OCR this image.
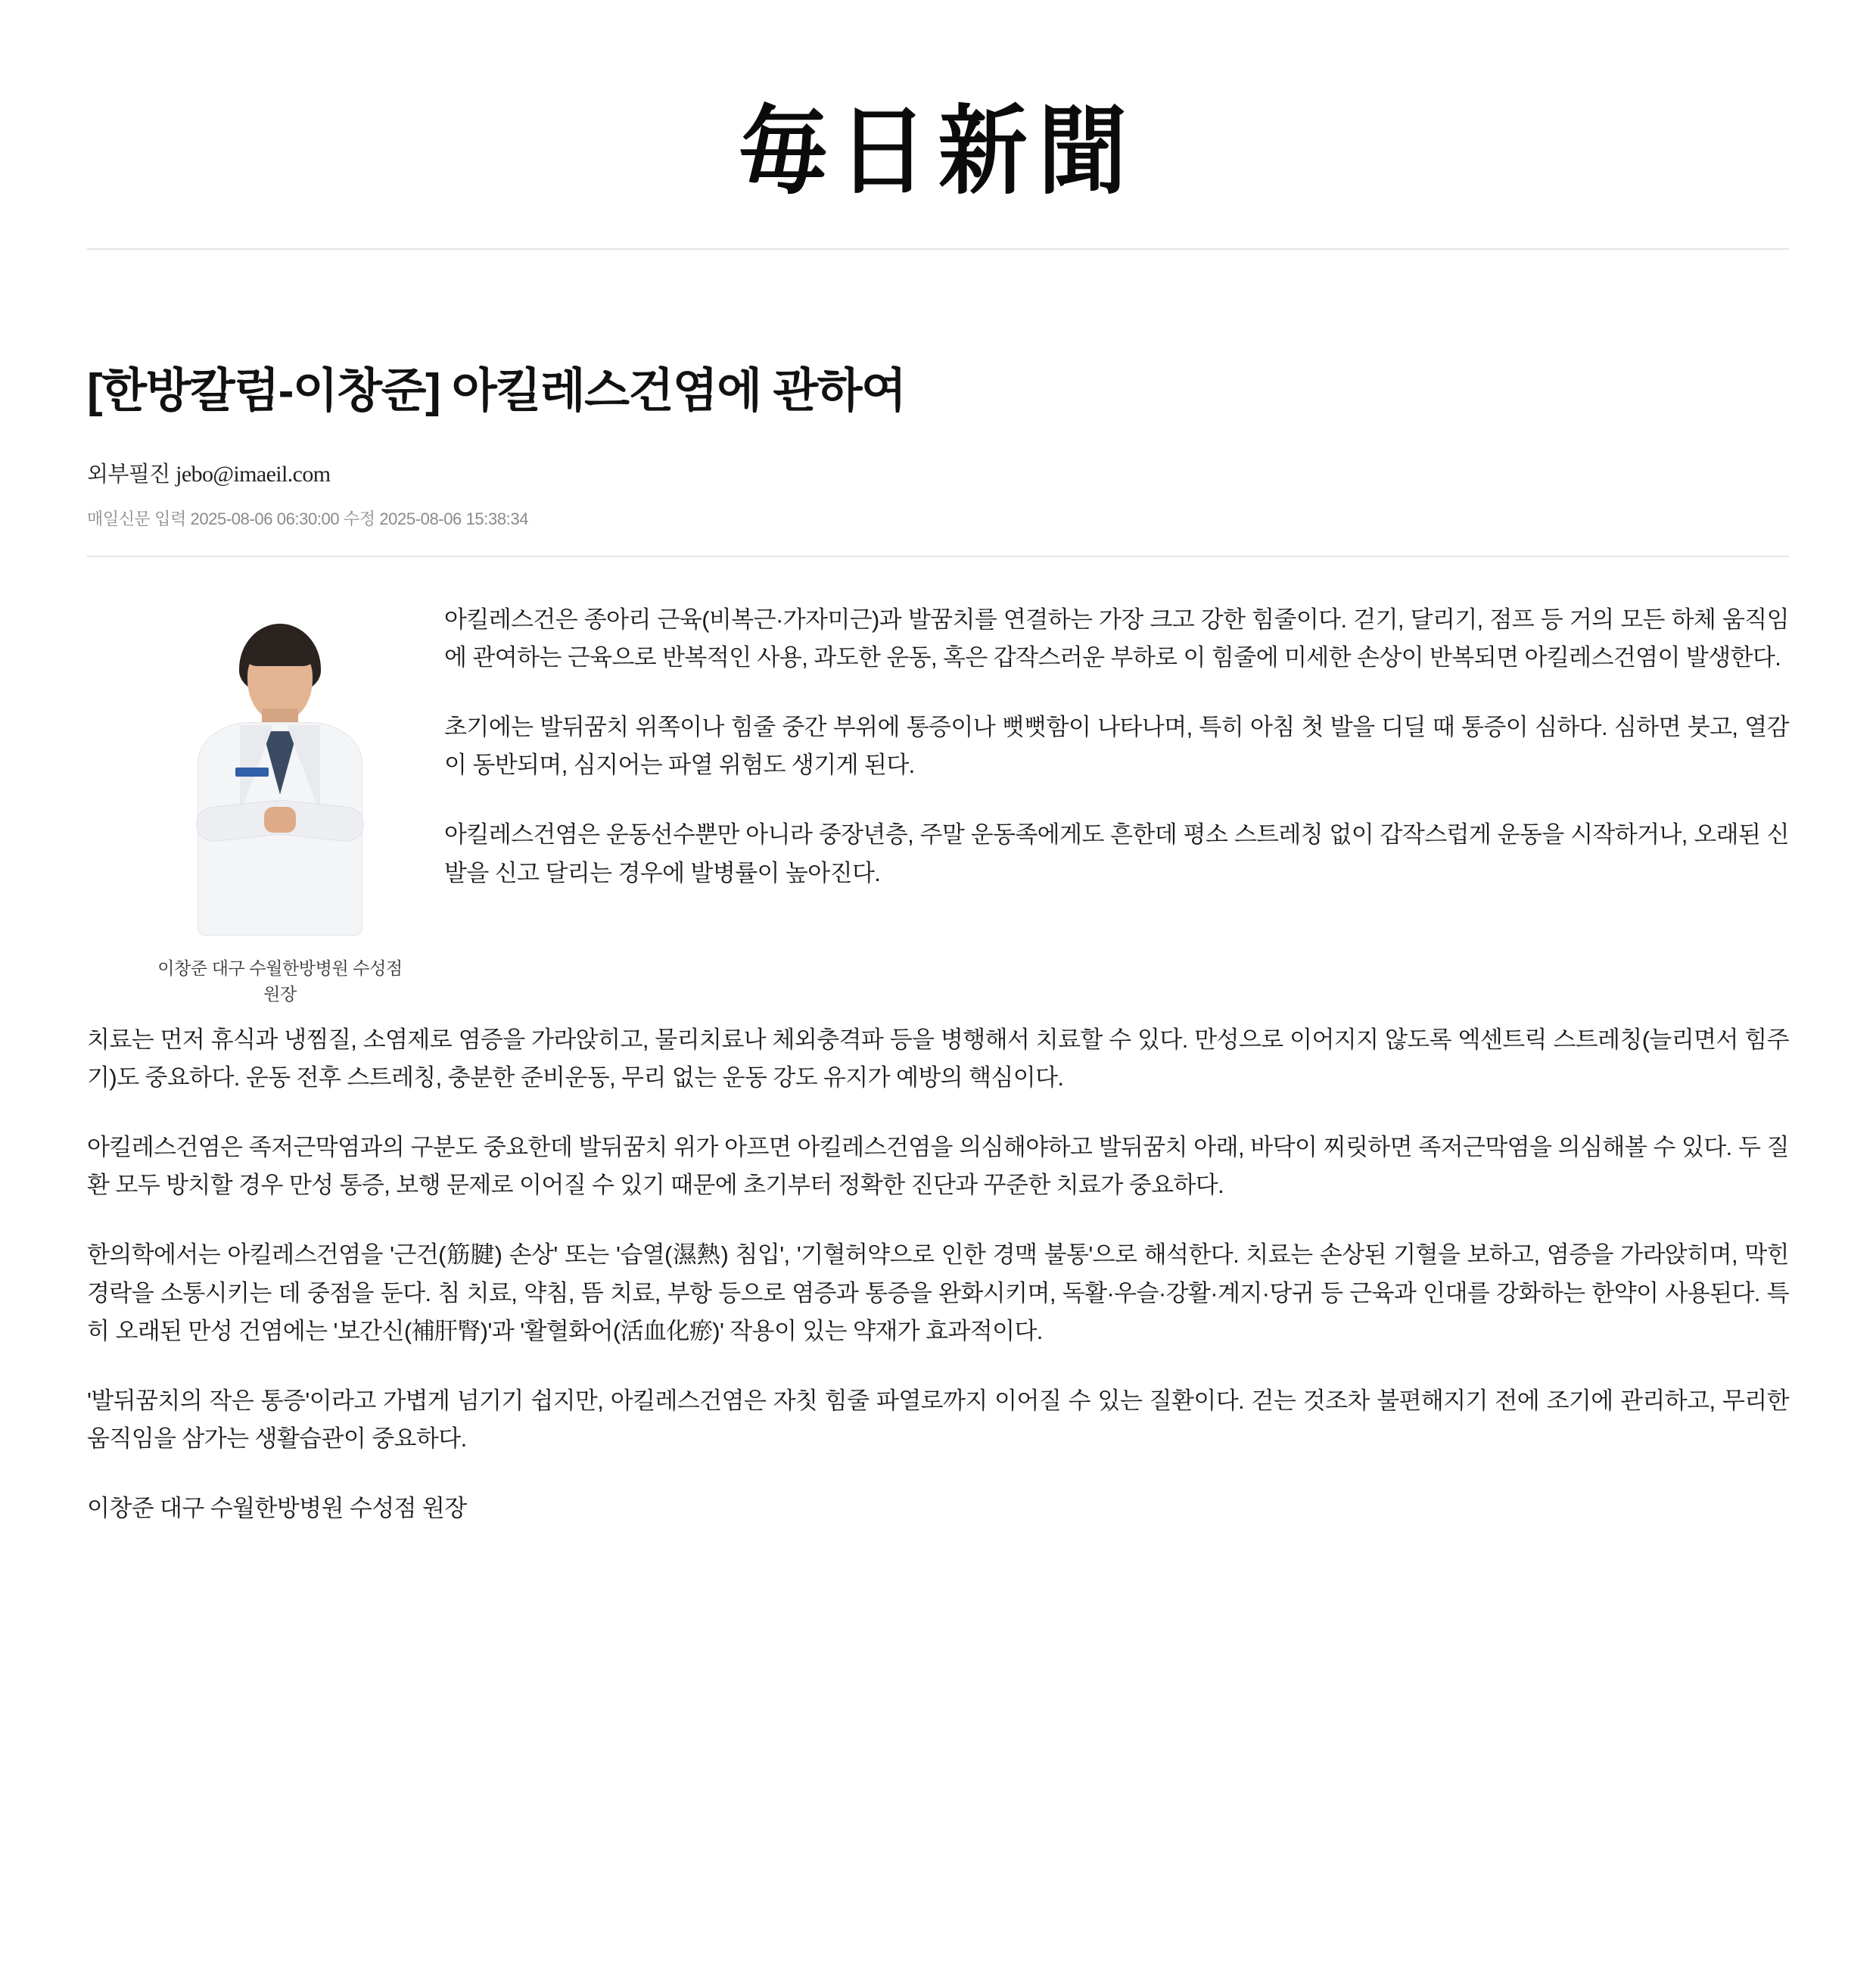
毎日新聞
[한방칼럼-이창준] 아킬레스건염에 관하여
외부필진 jebo@imaeil.com
매일신문 입력 2025-08-06 06:30:00 수정 2025-08-06 15:38:34
이창준 대구 수월한방병원 수성점 원장

아킬레스건은 종아리 근육(비복근·가자미근)과 발꿈치를 연결하는 가장 크고 강한 힘줄이다. 걷기, 달리기, 점프 등 거의 모든 하체 움직임에 관여하는 근육으로 반복적인 사용, 과도한 운동, 혹은 갑작스러운 부하로 이 힘줄에 미세한 손상이 반복되면 아킬레스건염이 발생한다.

초기에는 발뒤꿈치 위쪽이나 힘줄 중간 부위에 통증이나 뻣뻣함이 나타나며, 특히 아침 첫 발을 디딜 때 통증이 심하다. 심하면 붓고, 열감이 동반되며, 심지어는 파열 위험도 생기게 된다.

아킬레스건염은 운동선수뿐만 아니라 중장년층, 주말 운동족에게도 흔한데 평소 스트레칭 없이 갑작스럽게 운동을 시작하거나, 오래된 신발을 신고 달리는 경우에 발병률이 높아진다.

치료는 먼저 휴식과 냉찜질, 소염제로 염증을 가라앉히고, 물리치료나 체외충격파 등을 병행해서 치료할 수 있다. 만성으로 이어지지 않도록 엑센트릭 스트레칭(늘리면서 힘주기)도 중요하다. 운동 전후 스트레칭, 충분한 준비운동, 무리 없는 운동 강도 유지가 예방의 핵심이다.

아킬레스건염은 족저근막염과의 구분도 중요한데 발뒤꿈치 위가 아프면 아킬레스건염을 의심해야하고 발뒤꿈치 아래, 바닥이 찌릿하면 족저근막염을 의심해볼 수 있다. 두 질환 모두 방치할 경우 만성 통증, 보행 문제로 이어질 수 있기 때문에 초기부터 정확한 진단과 꾸준한 치료가 중요하다.

한의학에서는 아킬레스건염을 '근건(筋腱) 손상' 또는 '습열(濕熱) 침입', '기혈허약으로 인한 경맥 불통'으로 해석한다. 치료는 손상된 기혈을 보하고, 염증을 가라앉히며, 막힌 경락을 소통시키는 데 중점을 둔다. 침 치료, 약침, 뜸 치료, 부항 등으로 염증과 통증을 완화시키며, 독활·우슬·강활·계지·당귀 등 근육과 인대를 강화하는 한약이 사용된다. 특히 오래된 만성 건염에는 '보간신(補肝腎)'과 '활혈화어(活血化瘀)' 작용이 있는 약재가 효과적이다.

'발뒤꿈치의 작은 통증'이라고 가볍게 넘기기 쉽지만, 아킬레스건염은 자칫 힘줄 파열로까지 이어질 수 있는 질환이다. 걷는 것조차 불편해지기 전에 조기에 관리하고, 무리한 움직임을 삼가는 생활습관이 중요하다.

이창준 대구 수월한방병원 수성점 원장
